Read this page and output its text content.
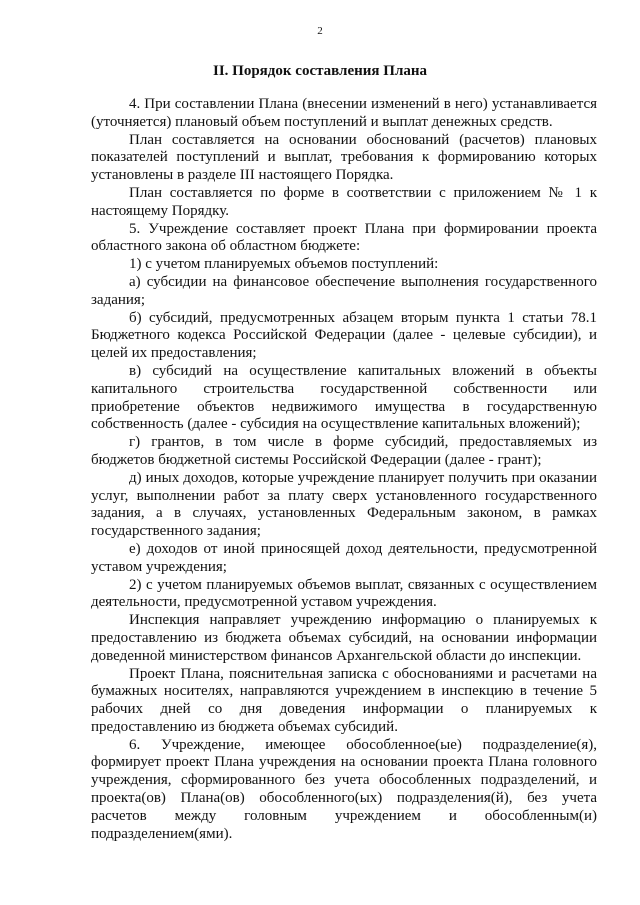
2
II. Порядок составления Плана

4. При составлении Плана (внесении изменений в него) устанавливается (уточняется) плановый объем поступлений и выплат денежных средств.

План составляется на основании обоснований (расчетов) плановых показателей поступлений и выплат, требования к формированию которых установлены в разделе III настоящего Порядка.

План составляется по форме в соответствии с приложением № 1 к настоящему Порядку.

5. Учреждение составляет проект Плана при формировании проекта областного закона об областном бюджете:

1) с учетом планируемых объемов поступлений:

а) субсидии на финансовое обеспечение выполнения государственного задания;

б) субсидий, предусмотренных абзацем вторым пункта 1 статьи 78.1 Бюджетного кодекса Российской Федерации (далее - целевые субсидии), и целей их предоставления;

в) субсидий на осуществление капитальных вложений в объекты капитального строительства государственной собственности или приобретение объектов недвижимого имущества в государственную собственность (далее - субсидия на осуществление капитальных вложений);

г) грантов, в том числе в форме субсидий, предоставляемых из бюджетов бюджетной системы Российской Федерации (далее - грант);

д) иных доходов, которые учреждение планирует получить при оказании услуг, выполнении работ за плату сверх установленного государственного задания, а в случаях, установленных Федеральным законом, в рамках государственного задания;

е) доходов от иной приносящей доход деятельности, предусмотренной уставом учреждения;

2) с учетом планируемых объемов выплат, связанных с осуществлением деятельности, предусмотренной уставом учреждения.

Инспекция направляет учреждению информацию о планируемых к предоставлению из бюджета объемах субсидий, на основании информации доведенной министерством финансов Архангельской области до инспекции.

Проект Плана, пояснительная записка с обоснованиями и расчетами на бумажных носителях, направляются учреждением в инспекцию в течение 5 рабочих дней со дня доведения информации о планируемых к предоставлению из бюджета объемах субсидий.

6. Учреждение, имеющее обособленное(ые) подразделение(я), формирует проект Плана учреждения на основании проекта Плана головного учреждения, сформированного без учета обособленных подразделений, и проекта(ов) Плана(ов) обособленного(ых) подразделения(й), без учета расчетов между головным учреждением и обособленным(и) подразделением(ями).
